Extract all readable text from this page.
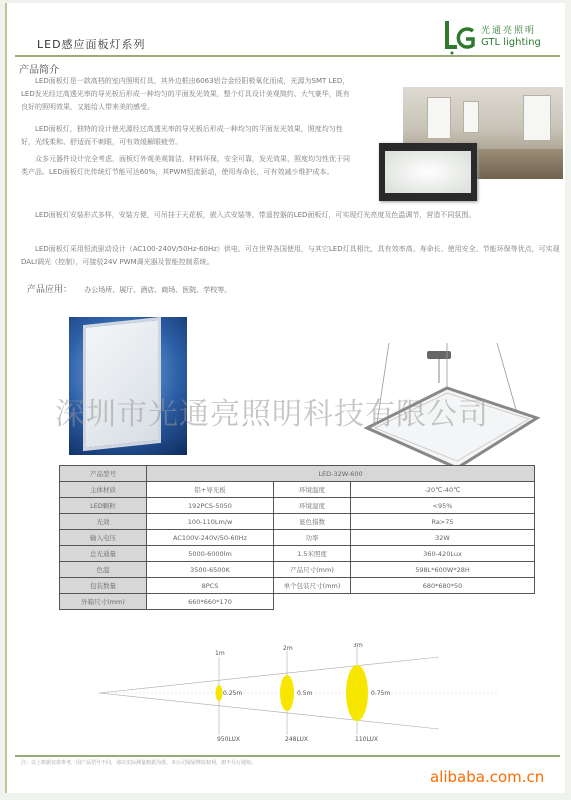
LED感应面板灯系列
光通亮照明
GTL lighting
产品简介

LED面板灯是一款高档的室内照明灯具，其外边框由6063铝合金经阳极氧化而成，光源为SMT LED，LED发光经过高透光率的导光板后形成一种均匀的平面发光效果，整个灯具设计美观简约、大气豪华，既有良好的照明效果，又能给人带来美的感受。

LED面板灯，独特的设计使光源经过高透光率的导光板后形成一种均匀的平面发光效果，照度均匀性好，光线柔和、舒适而不刺眼，可有效缓解眼疲劳。

众多元器件设计完全考虑，面板灯外观美观简洁，材料环保，安全可靠，发光效果、照度均匀性优于同类产品。LED面板灯比传统灯节能可达60%，其PWM恒流驱动，使用寿命长，可有效减少维护成本。

LED面板灯安装形式多样，安装方便，可吊挂于天花板，嵌入式安装等，带遥控器的LED面板灯，可实现灯光亮度及色温调节，营造不同氛围。

LED面板灯采用恒流驱动设计（AC100-240V/50Hz-60Hz）供电，可在世界各国使用，与其它LED灯具相比，具有效率高、寿命长、使用安全、节能环保等优点，可实现DALI调光（控制），可接驳24V PWM调光器及智能控制系统。

产品应用： 办公场所、展厅、酒店、商场、医院、学校等。
深圳市光通亮照明科技有限公司
产品型号	LED-32W-600		
主体材质	铝+导光板	环境温度	-20℃-40℃
LED颗粒	192PCS-5050	环境湿度	<95%
光效	100-110Lm/w	显色指数	Ra>75
输入电压	AC100V-240V/50-60Hz	功率	32W
总光通量	5000-6000lm	1.5米照度	360-420Lux
色温	3500-6500K	产品尺寸(mm)	598L*600W*28H
包装数量	8PCS	单个包装尺寸(mm)	680*680*50
外箱尺寸(mm)	660*660*170		
1m
0.25m
950LUX
2m
0.5m
248LUX
3m
0.75m
110LUX
注：以上数据仅供参考，因产品型号不同，请以实际测量数据为准。本公司保留修改权利，恕不另行通知。
alibaba.com.cn
